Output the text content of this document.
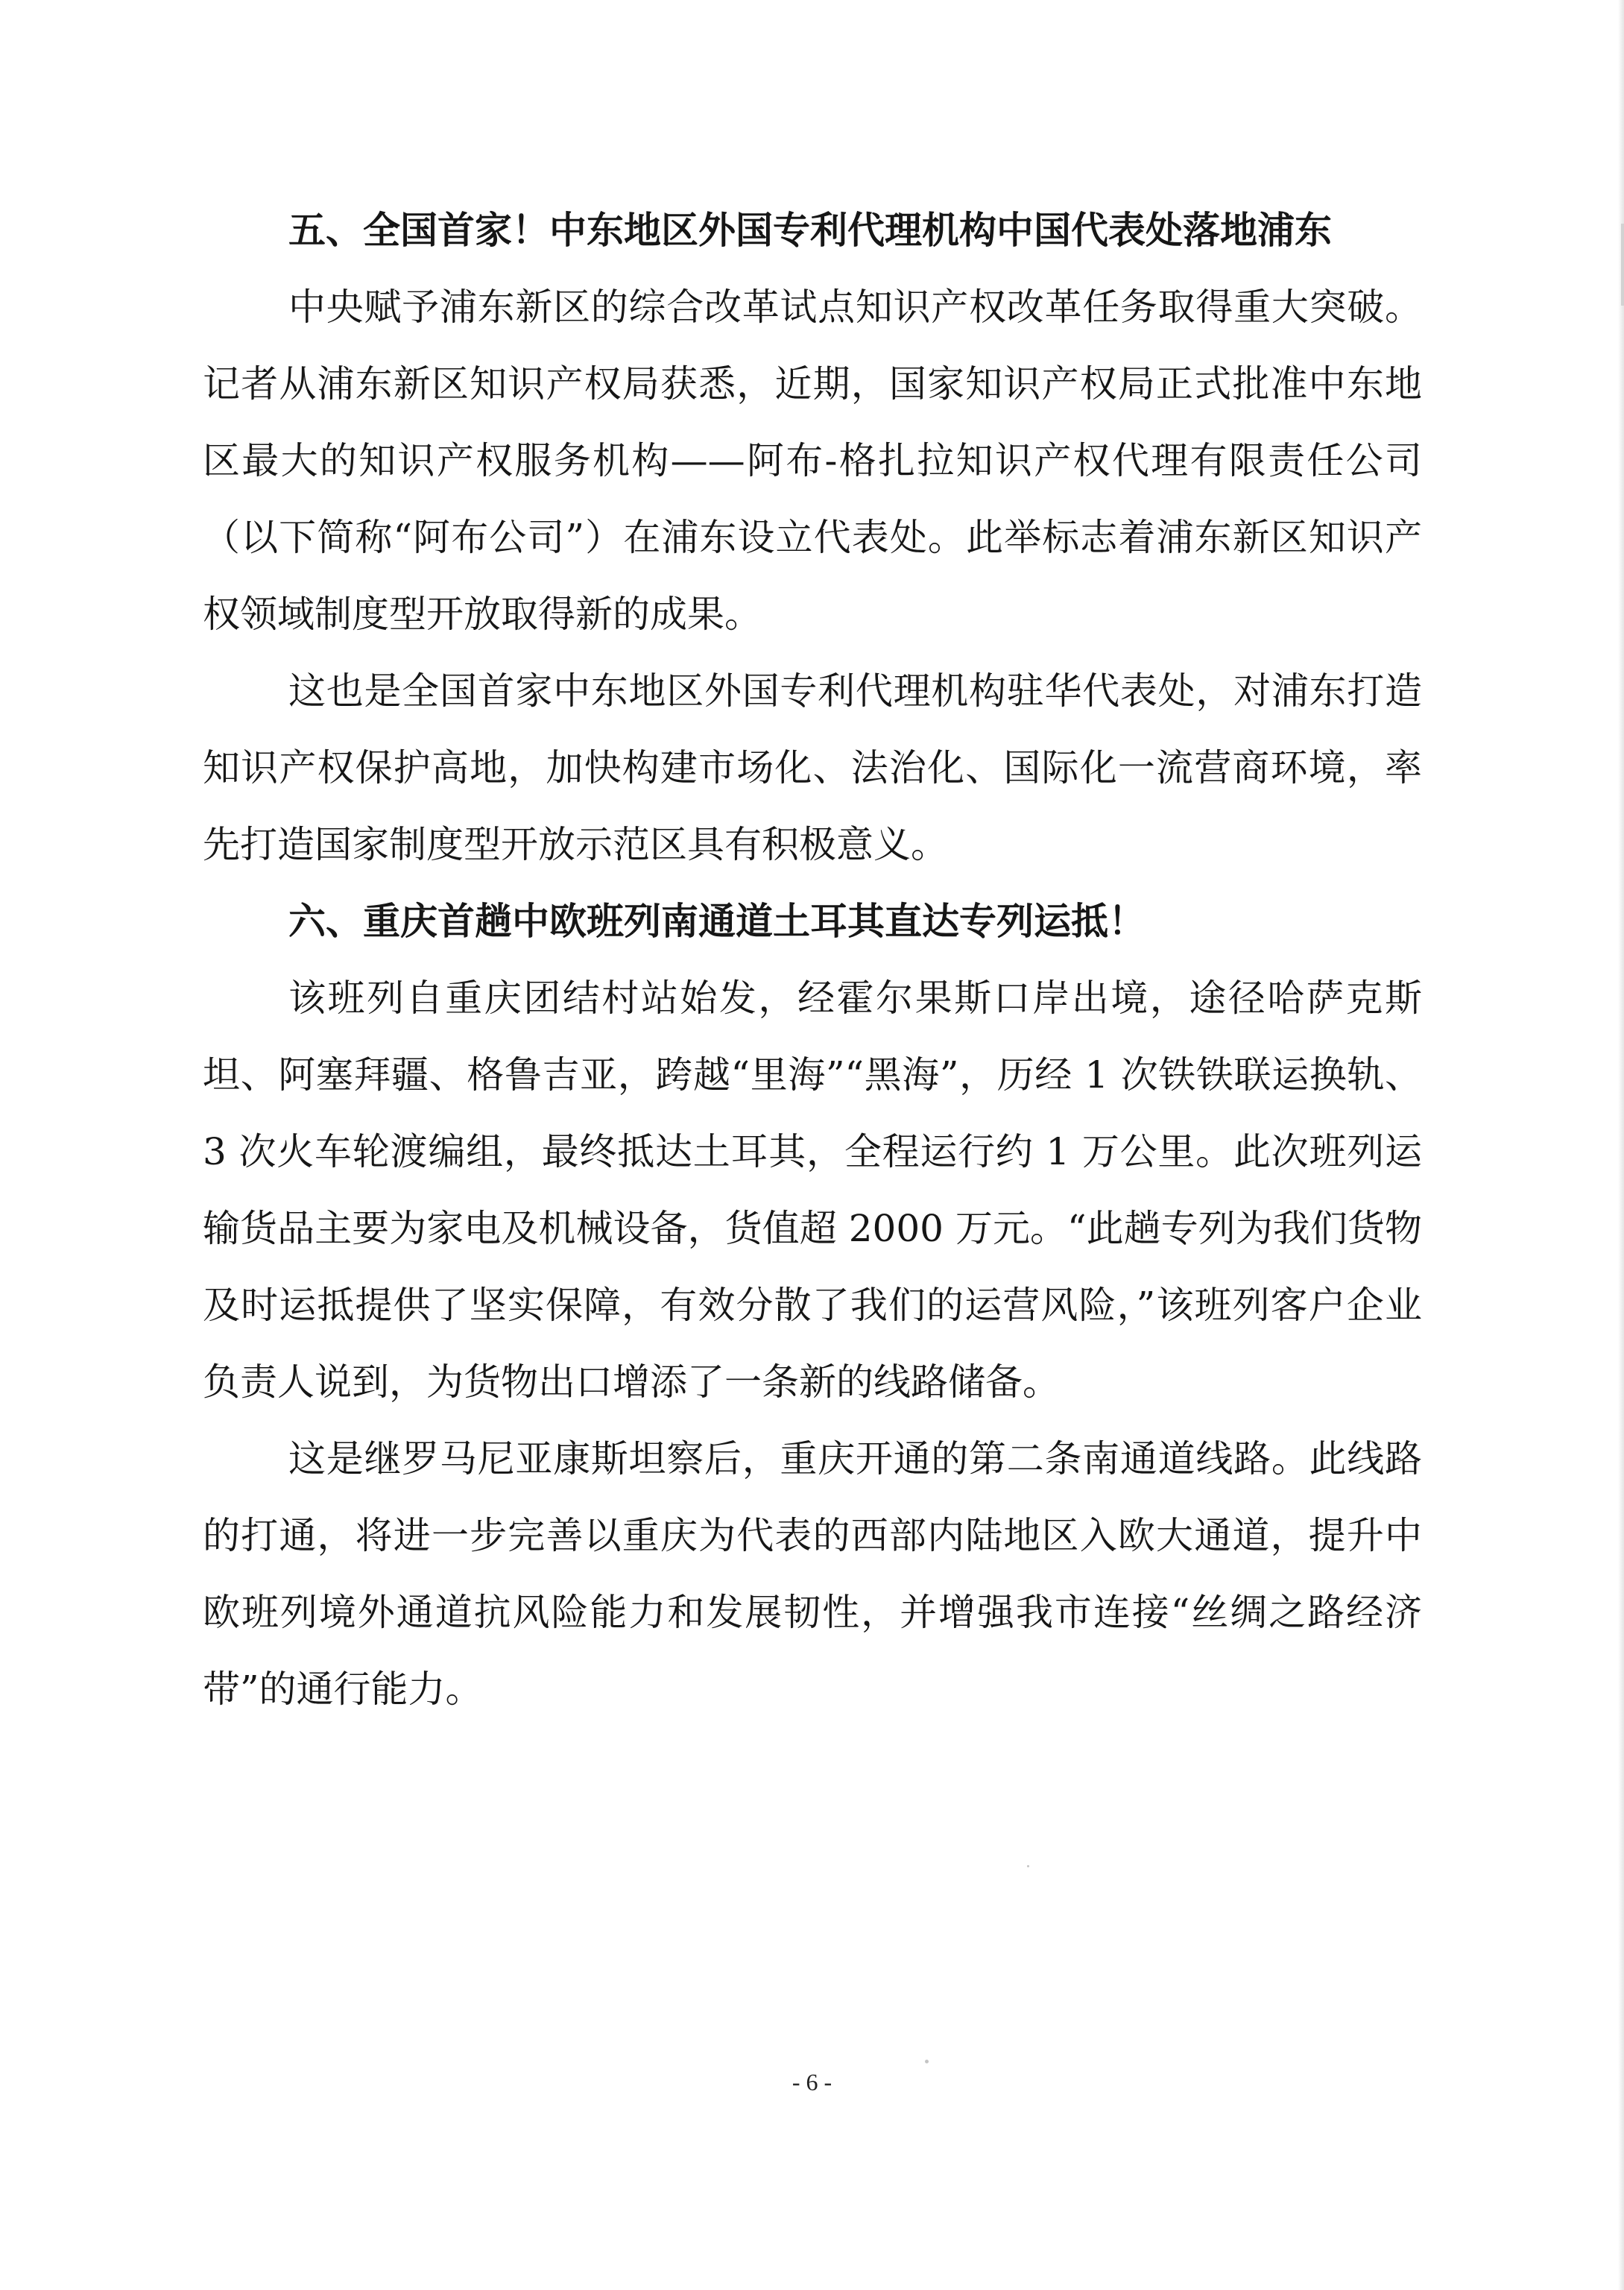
五、全国首家！中东地区外国专利代理机构中国代表处落地浦东

中央赋予浦东新区的综合改革试点知识产权改革任务取得重大突破。记者从浦东新区知识产权局获悉，近期，国家知识产权局正式批准中东地区最大的知识产权服务机构——阿布-格扎拉知识产权代理有限责任公司（以下简称“阿布公司”）在浦东设立代表处。此举标志着浦东新区知识产权领域制度型开放取得新的成果。

这也是全国首家中东地区外国专利代理机构驻华代表处，对浦东打造知识产权保护高地，加快构建市场化、法治化、国际化一流营商环境，率先打造国家制度型开放示范区具有积极意义。

六、重庆首趟中欧班列南通道土耳其直达专列运抵！

该班列自重庆团结村站始发，经霍尔果斯口岸出境，途径哈萨克斯坦、阿塞拜疆、格鲁吉亚，跨越“里海”“黑海”，历经 1 次铁铁联运换轨、3 次火车轮渡编组，最终抵达土耳其，全程运行约 1 万公里。此次班列运输货品主要为家电及机械设备，货值超 2000 万元。“此趟专列为我们货物及时运抵提供了坚实保障，有效分散了我们的运营风险，”该班列客户企业负责人说到，为货物出口增添了一条新的线路储备。

这是继罗马尼亚康斯坦察后，重庆开通的第二条南通道线路。此线路的打通，将进一步完善以重庆为代表的西部内陆地区入欧大通道，提升中欧班列境外通道抗风险能力和发展韧性，并增强我市连接“丝绸之路经济带”的通行能力。

- 6 -
